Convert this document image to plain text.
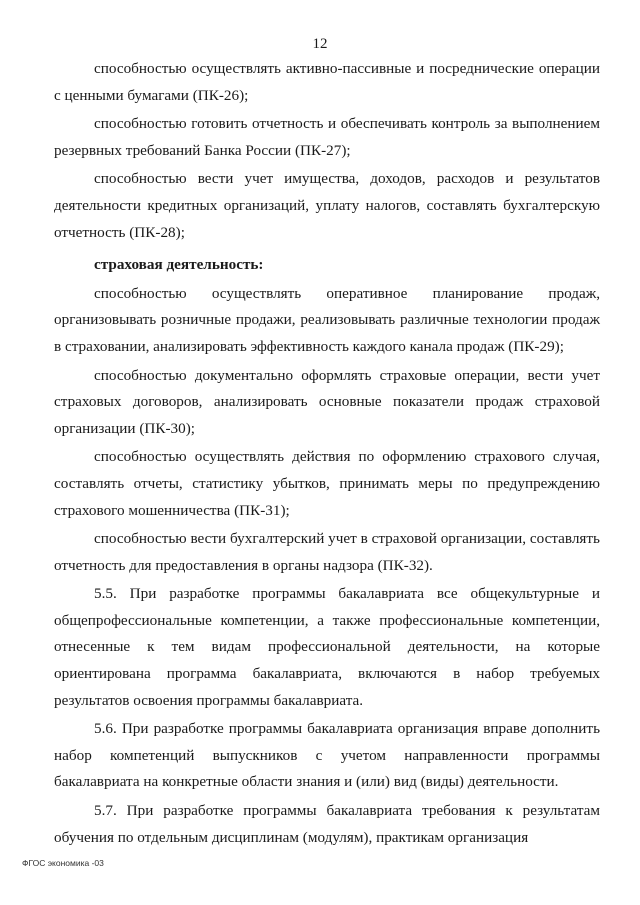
12

способностью осуществлять активно-пассивные и посреднические операции с ценными бумагами (ПК-26);

способностью готовить отчетность и обеспечивать контроль за выполнением резервных требований Банка России (ПК-27);

способностью вести учет имущества, доходов, расходов и результатов деятельности кредитных организаций, уплату налогов, составлять бухгалтерскую отчетность (ПК-28);

страховая деятельность:

способностью осуществлять оперативное планирование продаж, организовывать розничные продажи, реализовывать различные технологии продаж в страховании, анализировать эффективность каждого канала продаж (ПК-29);

способностью документально оформлять страховые операции, вести учет страховых договоров, анализировать основные показатели продаж страховой организации (ПК-30);

способностью осуществлять действия по оформлению страхового случая, составлять отчеты, статистику убытков, принимать меры по предупреждению страхового мошенничества (ПК-31);

способностью вести бухгалтерский учет в страховой организации, составлять отчетность для предоставления в органы надзора (ПК-32).

5.5. При разработке программы бакалавриата все общекультурные и общепрофессиональные компетенции, а также профессиональные компетенции, отнесенные к тем видам профессиональной деятельности, на которые ориентирована программа бакалавриата, включаются в набор требуемых результатов освоения программы бакалавриата.

5.6. При разработке программы бакалавриата организация вправе дополнить набор компетенций выпускников с учетом направленности программы бакалавриата на конкретные области знания и (или) вид (виды) деятельности.

5.7. При разработке программы бакалавриата требования к результатам обучения по отдельным дисциплинам (модулям), практикам организация

ФГОС экономика -03
